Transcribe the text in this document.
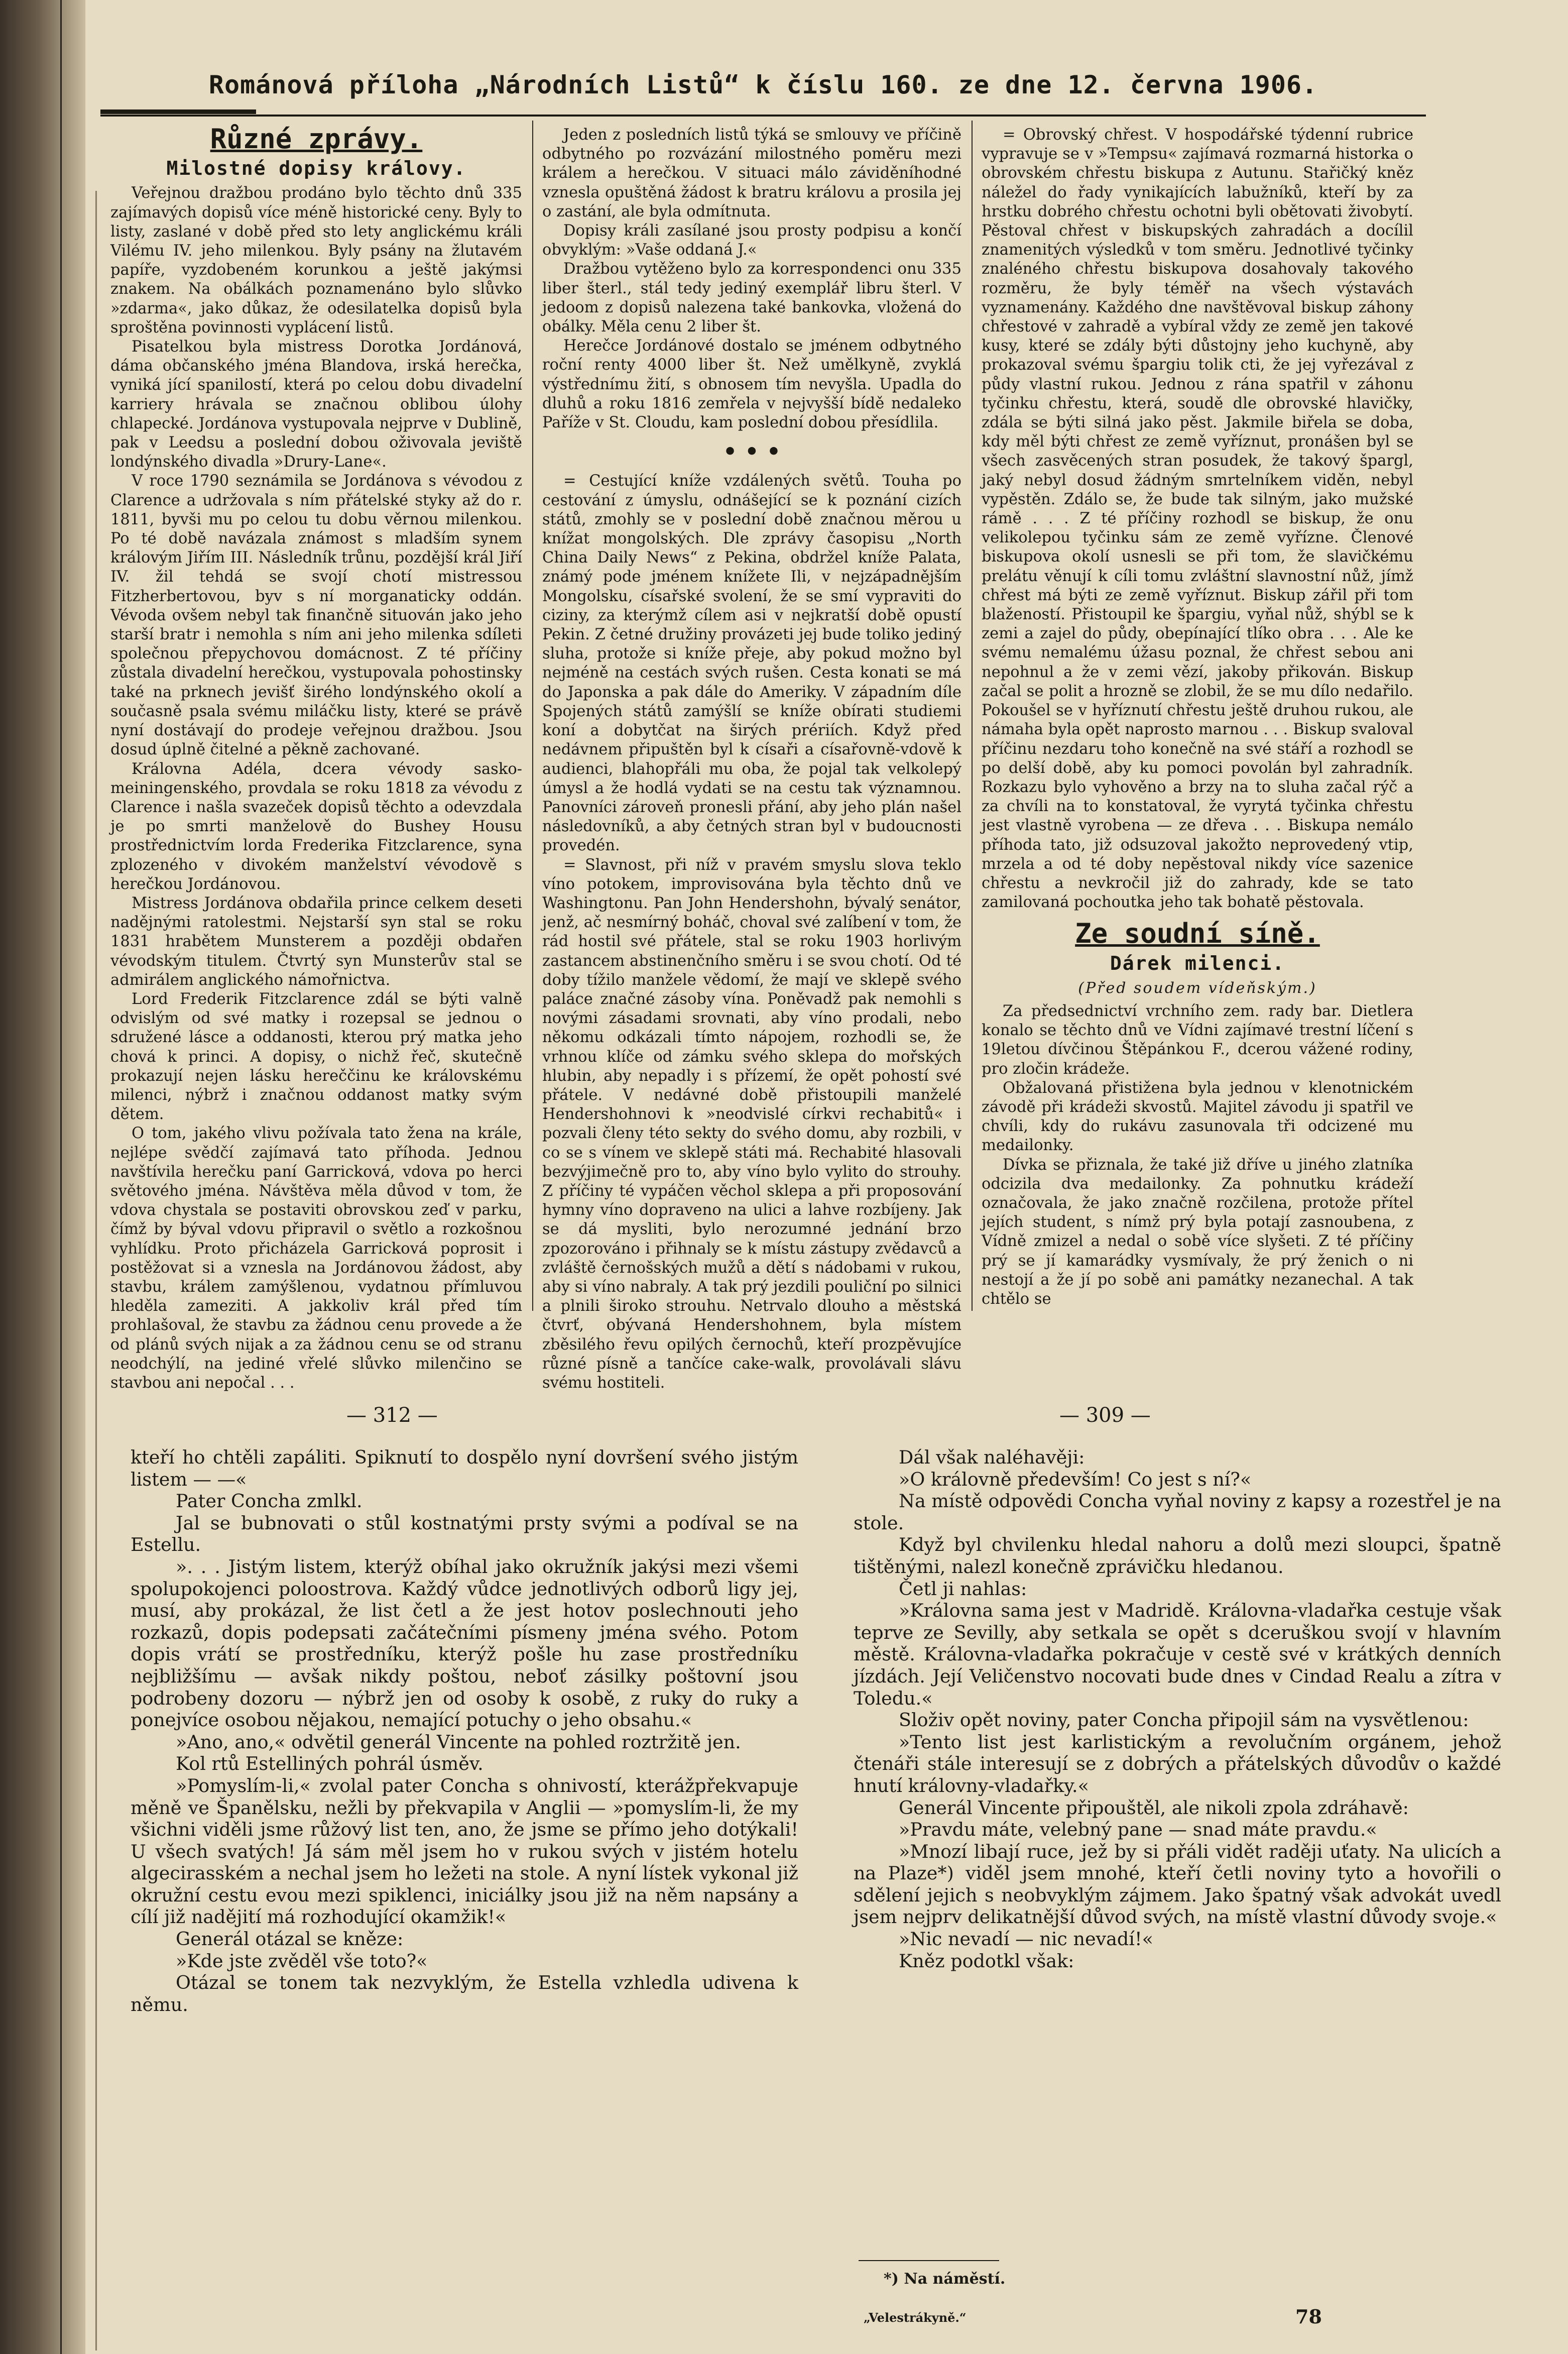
Románová příloha „Národních Listů“ k číslu 160. ze dne 12. června 1906.
Různé zprávy.
Milostné dopisy královy.

Veřejnou dražbou prodáno bylo těchto dnů 335 zajímavých dopisů více méně historické ceny. Byly to listy, zaslané v době před sto lety anglickému králi Vilému IV. jeho milenkou. Byly psány na žlutavém papíře, vyzdobeném korunkou a ještě jakýmsi znakem. Na obálkách poznamenáno bylo slůvko »zdarma«, jako důkaz, že odesilatelka dopisů byla sproštěna povinnosti vyplácení listů.

Pisatelkou byla mistress Dorotka Jordánová, dáma občanského jména Blandova, irská herečka, vyniká jící spanilostí, která po celou dobu divadelní karriery hrávala se značnou oblibou úlohy chlapecké. Jordánova vystupovala nejprve v Dublině, pak v Leedsu a poslední dobou oživovala jeviště londýnského divadla »Drury-Lane«.

V roce 1790 seznámila se Jordánova s vévodou z Clarence a udržovala s ním přátelské styky až do r. 1811, byvši mu po celou tu dobu věrnou milenkou. Po té době navázala známost s mladším synem královým Jiřím III. Následník trůnu, pozdější král Jiří IV. žil tehdá se svojí chotí mistressou Fitzherbertovou, byv s ní morganaticky oddán. Vévoda ovšem nebyl tak finančně situován jako jeho starší bratr i nemohla s ním ani jeho milenka sdíleti společnou přepychovou domácnost. Z té příčiny zůstala divadelní herečkou, vystupovala pohostinsky také na prknech jevišť širého londýnského okolí a současně psala svému miláčku listy, které se právě nyní dostávají do prodeje veřejnou dražbou. Jsou dosud úplně čitelné a pěkně zachované.

Královna Adéla, dcera vévody sasko-meiningenského, provdala se roku 1818 za vévodu z Clarence i našla svazeček dopisů těchto a odevzdala je po smrti manželově do Bushey Housu prostřednictvím lorda Frederika Fitzclarence, syna zplozeného v divokém manželství vévodově s herečkou Jordánovou.

Mistress Jordánova obdařila prince celkem deseti nadějnými ratolestmi. Nejstarší syn stal se roku 1831 hrabětem Munsterem a později obdařen vévodským titulem. Čtvrtý syn Munsterův stal se admirálem anglického námořnictva.

Lord Frederik Fitzclarence zdál se býti valně odvislým od své matky i rozepsal se jednou o sdružené lásce a oddanosti, kterou prý matka jeho chová k princi. A dopisy, o nichž řeč, skutečně prokazují nejen lásku hereččinu ke královskému milenci, nýbrž i značnou oddanost matky svým dětem.

O tom, jakého vlivu požívala tato žena na krále, nejlépe svědčí zajímavá tato příhoda. Jednou navštívila herečku paní Garricková, vdova po herci světového jména. Návštěva měla důvod v tom, že vdova chystala se postaviti obrovskou zeď v parku, čímž by býval vdovu připravil o světlo a rozkošnou vyhlídku. Proto přicházela Garricková poprosit i postěžovat si a vznesla na Jordánovou žádost, aby stavbu, králem zamýšlenou, vydatnou přímluvou hleděla zameziti. A jakkoliv král před tím prohlašoval, že stavbu za žádnou cenu provede a že od plánů svých nijak a za žádnou cenu se od stranu neodchýlí, na jediné vřelé slůvko milenčino se stavbou ani nepočal . . .

Jeden z posledních listů týká se smlouvy ve příčině odbytného po rozvázání milostného poměru mezi králem a herečkou. V situaci málo záviděníhodné vznesla opuštěná žádost k bratru královu a prosila jej o zastání, ale byla odmítnuta.

Dopisy králi zasílané jsou prosty podpisu a končí obvyklým: »Vaše oddaná J.«

Dražbou vytěženo bylo za korrespondenci onu 335 liber šterl., stál tedy jediný exemplář libru šterl. V jedoom z dopisů nalezena také bankovka, vložená do obálky. Měla cenu 2 liber št.

Herečce Jordánové dostalo se jménem odbytného roční renty 4000 liber št. Než umělkyně, zvyklá výstřednímu žití, s obnosem tím nevyšla. Upadla do dluhů a roku 1816 zemřela v nejvyšší bídě nedaleko Paříže v St. Cloudu, kam poslední dobou přesídlila.

• • •

= Cestující kníže vzdálených světů. Touha po cestování z úmyslu, odnášející se k poznání cizích států, zmohly se v poslední době značnou měrou u knížat mongolských. Dle zprávy časopisu „North China Daily News“ z Pekina, obdržel kníže Palata, známý pode jménem knížete Ili, v nejzápadnějším Mongolsku, císařské svolení, že se smí vypraviti do ciziny, za kterýmž cílem asi v nejkratší době opustí Pekin. Z četné družiny provázeti jej bude toliko jediný sluha, protože si kníže přeje, aby pokud možno byl nejméně na cestách svých rušen. Cesta konati se má do Japonska a pak dále do Ameriky. V západním díle Spojených států zamýšlí se kníže obírati studiemi koní a dobytčat na širých prériích. Když před nedávnem připuštěn byl k císaři a císařovně-vdově k audienci, blahopřáli mu oba, že pojal tak velkolepý úmysl a že hodlá vydati se na cestu tak významnou. Panovníci zároveň pronesli přání, aby jeho plán našel následovníků, a aby četných stran byl v budoucnosti provedén.

= Slavnost, při níž v pravém smyslu slova teklo víno potokem, improvisována byla těchto dnů ve Washingtonu. Pan John Hendershohn, bývalý senátor, jenž, ač nesmírný boháč, choval své zalíbení v tom, že rád hostil své přátele, stal se roku 1903 horlivým zastancem abstinenčního směru i se svou chotí. Od té doby tížilo manžele vědomí, že mají ve sklepě svého paláce značné zásoby vína. Poněvadž pak nemohli s novými zásadami srovnati, aby víno prodali, nebo někomu odkázali tímto nápojem, rozhodli se, že vrhnou klíče od zámku svého sklepa do mořských hlubin, aby nepadly i s přízemí, že opět pohostí své přátele. V nedávné době přistoupili manželé Hendershohnovi k »neodvislé církvi rechabitů« i pozvali členy této sekty do svého domu, aby rozbili, v co se s vínem ve sklepě státi má. Rechabité hlasovali bezvýjimečně pro to, aby víno bylo vylito do strouhy. Z příčiny té vypáčen věchol sklepa a při proposování hymny víno dopraveno na ulici a lahve rozbíjeny. Jak se dá mysliti, bylo nerozumné jednání brzo zpozorováno i přihnaly se k místu zástupy zvědavců a zvláště černošských mužů a dětí s nádobami v rukou, aby si víno nabraly. A tak prý jezdili pouliční po silnici a plnili široko strouhu. Netrvalo dlouho a městská čtvrť, obývaná Hendershohnem, byla místem zběsilého řevu opilých černochů, kteří prozpěvujíce různé písně a tančíce cake-walk, provolávali slávu svému hostiteli.

= Obrovský chřest. V hospodářské týdenní rubrice vypravuje se v »Tempsu« zajímavá rozmarná historka o obrovském chřestu biskupa z Autunu. Stařičký kněz náležel do řady vynikajících labužníků, kteří by za hrstku dobrého chřestu ochotni byli obětovati živobytí. Pěstoval chřest v biskupských zahradách a docílil znamenitých výsledků v tom směru. Jednotlivé tyčinky znaléného chřestu biskupova dosahovaly takového rozměru, že byly téměř na všech výstavách vyznamenány. Každého dne navštěvoval biskup záhony chřestové v zahradě a vybíral vždy ze země jen takové kusy, které se zdály býti důstojny jeho kuchyně, aby prokazoval svému špargiu tolik cti, že jej vyřezával z půdy vlastní rukou. Jednou z rána spatřil v záhonu tyčinku chřestu, která, soudě dle obrovské hlavičky, zdála se býti silná jako pěst. Jakmile biřela se doba, kdy měl býti chřest ze země vyříznut, pronášen byl se všech zasvěcených stran posudek, že takový špargl, jaký nebyl dosud žádným smrtelníkem viděn, nebyl vypěstěn. Zdálo se, že bude tak silným, jako mužské rámě . . . Z té příčiny rozhodl se biskup, že onu velikolepou tyčinku sám ze země vyřízne. Členové biskupova okolí usnesli se při tom, že slavičkému prelátu věnují k cíli tomu zvláštní slavnostní nůž, jímž chřest má býti ze země vyříznut. Biskup zářil při tom blažeností. Přistoupil ke špargiu, vyňal nůž, shýbl se k zemi a zajel do půdy, obepínající tlíko obra . . . Ale ke svému nemalému úžasu poznal, že chřest sebou ani nepohnul a že v zemi vězí, jakoby přikován. Biskup začal se polit a hrozně se zlobil, že se mu dílo nedařilo. Pokoušel se v hyříznutí chřestu ještě druhou rukou, ale námaha byla opět naprosto marnou . . . Biskup svaloval příčinu nezdaru toho konečně na své stáří a rozhodl se po delší době, aby ku pomoci povolán byl zahradník. Rozkazu bylo vyhověno a brzy na to sluha začal rýč a za chvíli na to konstatoval, že vyrytá tyčinka chřestu jest vlastně vyrobena — ze dřeva . . . Biskupa nemálo příhoda tato, již odsuzoval jakožto neprovedený vtip, mrzela a od té doby nepěstoval nikdy více sazenice chřestu a nevkročil již do zahrady, kde se tato zamilovaná pochoutka jeho tak bohatě pěstovala.

Ze soudní síně.
Dárek milenci.
(Před soudem vídeňským.)

Za předsednictví vrchního zem. rady bar. Dietlera konalo se těchto dnů ve Vídni zajímavé trestní líčení s 19letou dívčinou Štěpánkou F., dcerou vážené rodiny, pro zločin krádeže.

Obžalovaná přistižena byla jednou v klenotnickém závodě při krádeži skvostů. Majitel závodu ji spatřil ve chvíli, kdy do rukávu zasunovala tři odcizené mu medailonky.

Dívka se přiznala, že také již dříve u jiného zlatníka odcizila dva medailonky. Za pohnutku krádeží označovala, že jako značně rozčilena, protože přítel jejích student, s nímž prý byla potají zasnoubena, z Vídně zmizel a nedal o sobě více slyšeti. Z té příčiny prý se jí kamarádky vysmívaly, že prý ženich o ni nestojí a že jí po sobě ani památky nezanechal. A tak chtělo se

— 312 —	— 309 —

kteří ho chtěli zapáliti. Spiknutí to dospělo nyní dovršení svého jistým listem — —«

Pater Concha zmlkl.

Jal se bubnovati o stůl kostnatými prsty svými a podíval se na Estellu.

». . . Jistým listem, kterýž obíhal jako okružník jakýsi mezi všemi spolupokojenci poloostrova. Každý vůdce jednotlivých odborů ligy jej, musí, aby prokázal, že list četl a že jest hotov poslechnouti jeho rozkazů, dopis podepsati začátečními písmeny jména svého. Potom dopis vrátí se prostředníku, kterýž pošle hu zase prostředníku nejbližšímu — avšak nikdy poštou, neboť zásilky poštovní jsou podrobeny dozoru — nýbrž jen od osoby k osobě, z ruky do ruky a ponejvíce osobou nějakou, nemající potuchy o jeho obsahu.«

»Ano, ano,« odvětil generál Vincente na pohled roztržitě jen.

Kol rtů Estelliných pohrál úsměv.

»Pomyslím-li,« zvolal pater Concha s ohnivostí, kterážpřekvapuje měně ve Španělsku, nežli by překvapila v Anglii — »pomyslím-li, že my všichni viděli jsme růžový list ten, ano, že jsme se přímo jeho dotýkali! U všech svatých! Já sám měl jsem ho v rukou svých v jistém hotelu algecirasském a nechal jsem ho ležeti na stole. A nyní lístek vykonal již okružní cestu evou mezi spiklenci, iniciálky jsou již na něm napsány a cílí již nadějití má rozhodující okamžik!«

Generál otázal se kněze:

»Kde jste zvěděl vše toto?«

Otázal se tonem tak nezvyklým, že Estella vzhledla udivena k němu.

Dál však naléhavěji:

»O královně především! Co jest s ní?«

Na místě odpovědi Concha vyňal noviny z kapsy a rozestřel je na stole.

Když byl chvilenku hledal nahoru a dolů mezi sloupci, špatně tištěnými, nalezl konečně zprávičku hledanou.

Četl ji nahlas:

»Královna sama jest v Madridě. Královna-vladařka cestuje však teprve ze Sevilly, aby setkala se opět s dceruškou svojí v hlavním městě. Královna-vladařka pokračuje v cestě své v krátkých denních jízdách. Její Veličenstvo nocovati bude dnes v Cindad Realu a zítra v Toledu.«

Složiv opět noviny, pater Concha připojil sám na vysvětlenou:

»Tento list jest karlistickým a revolučním orgánem, jehož čtenáři stále interesují se z dobrých a přátelských důvodův o každé hnutí královny-vladařky.«

Generál Vincente připouštěl, ale nikoli zpola zdráhavě:

»Pravdu máte, velebný pane — snad máte pravdu.«

»Mnozí libají ruce, jež by si přáli vidět raději uťaty. Na ulicích a na Plaze*) viděl jsem mnohé, kteří četli noviny tyto a hovořili o sdělení jejich s neobvyklým zájmem. Jako špatný však advokát uvedl jsem nejprv delikatnější důvod svých, na místě vlastní důvody svoje.«

»Nic nevadí — nic nevadí!«

Kněz podotkl však:

*) Na náměstí.
„Velestrákyně.“	78
